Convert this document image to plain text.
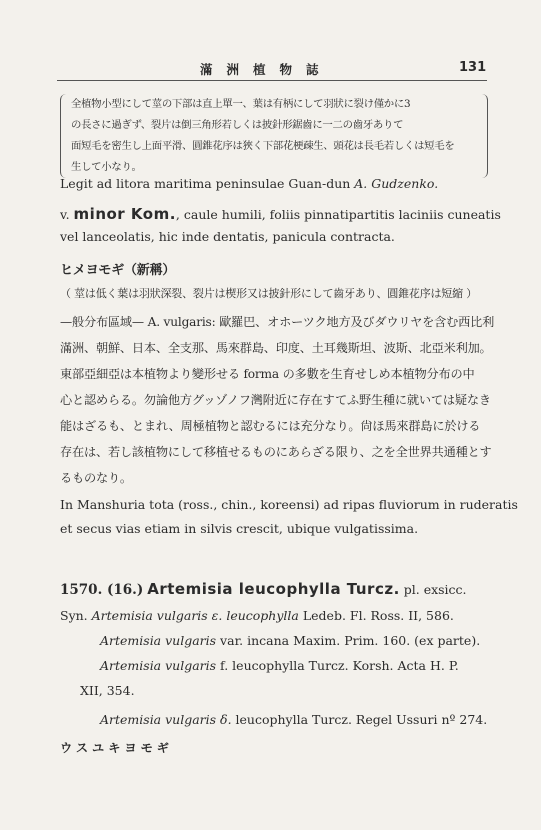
滿洲植物誌	131
全植物小型にして莖の下部は直上單一、葉は有柄にして羽狀に裂け僅かに3
の長さに過ぎず、裂片は倒三角形若しくは披針形鋸齒に一二の齒牙ありて
面短毛を密生し上面平滑、圓錐花序は狹く下部花梗疎生、頭花は長毛若しくは短毛を
生して小なり。
Legit ad litora maritima peninsulae Guan-dun A. Gudzenko.
v. minor Kom., caule humili, foliis pinnatipartitis laciniis cuneatis
vel lanceolatis, hic inde dentatis, panicula contracta.
ヒメヨモギ（新稱）
（ 莖は低く葉は羽狀深裂、裂片は楔形又は披針形にして齒牙あり、圓錐花序は短縮 ）
—般分布區域— A. vulgaris: 歐羅巴、オホーツク地方及びダウリヤを含む西比利
滿洲、朝鮮、日本、全支那、馬來群島、印度、土耳幾斯坦、波斯、北亞米利加。
東部亞細亞は本植物より變形せる forma の多數を生育せしめ本植物分布の中
心と認めらる。勿論他方グッゾノフ灣附近に存在すてふ野生種に就いては疑なき
能はざるも、とまれ、周極植物と認むるには充分なり。尙ほ馬來群島に於ける
存在は、若し該植物にして移植せるものにあらざる限り、之を全世界共通種とす
るものなり。
In Manshuria tota (ross., chin., koreensi) ad ripas fluviorum in ruderatis
et secus vias etiam in silvis crescit, ubique vulgatissima.
1570. (16.) Artemisia leucophylla Turcz. pl. exsicc.
Syn. Artemisia vulgaris ε. leucophylla Ledeb. Fl. Ross. II, 586.
Artemisia vulgaris var. incana Maxim. Prim. 160. (ex parte).
Artemisia vulgaris f. leucophylla Turcz. Korsh. Acta H. P.
XII, 354.
Artemisia vulgaris δ. leucophylla Turcz. Regel Ussuri nº 274.
ウスユキヨモギ
